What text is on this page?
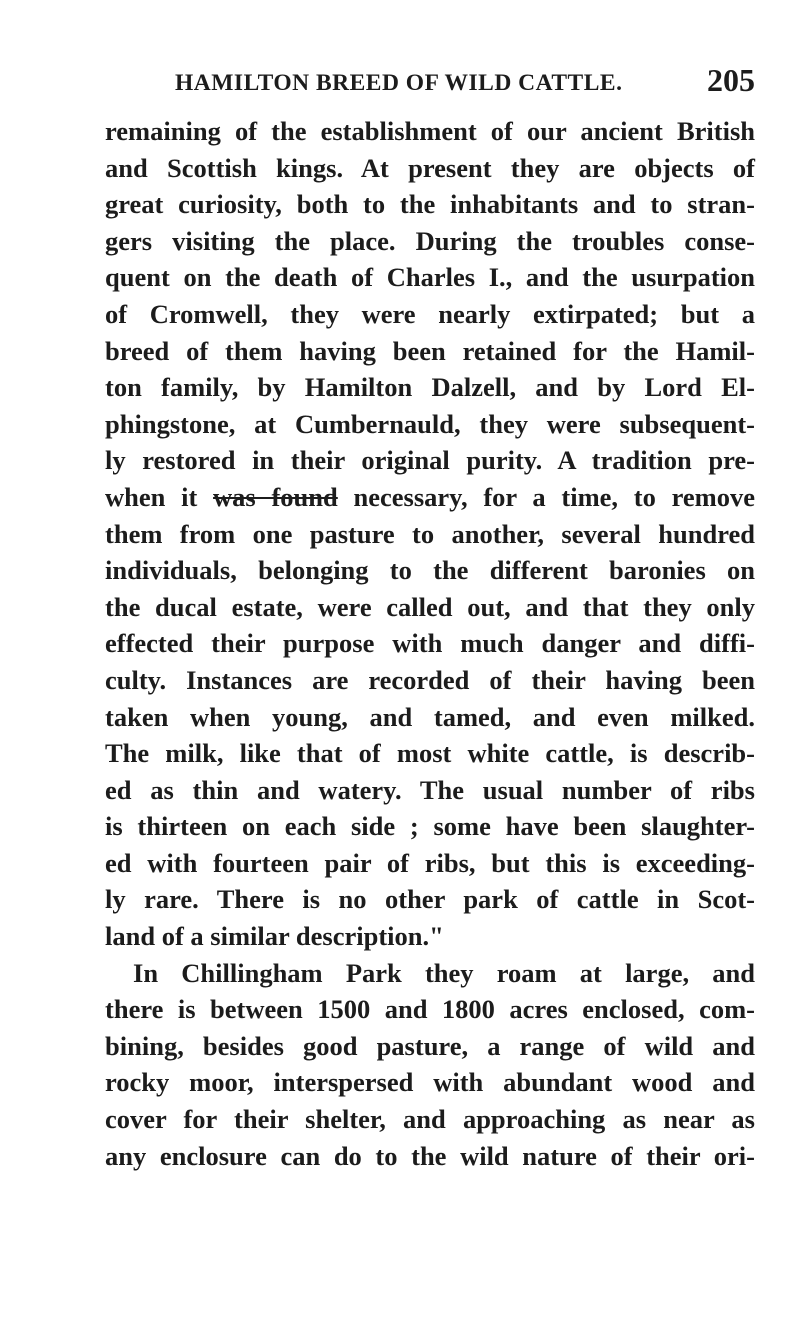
HAMILTON BREED OF WILD CATTLE.	205
remaining of the establishment of our ancient British
and Scottish kings. At present they are objects of
great curiosity, both to the inhabitants and to stran-
gers visiting the place. During the troubles conse-
quent on the death of Charles I., and the usurpation
of Cromwell, they were nearly extirpated; but a
breed of them having been retained for the Hamil-
ton family, by Hamilton Dalzell, and by Lord El-
phingstone, at Cumbernauld, they were subsequent-
ly restored in their original purity. A tradition pre-
when it was found necessary, for a time, to remove
them from one pasture to another, several hundred
individuals, belonging to the different baronies on
the ducal estate, were called out, and that they only
effected their purpose with much danger and diffi-
culty. Instances are recorded of their having been
taken when young, and tamed, and even milked.
The milk, like that of most white cattle, is describ-
ed as thin and watery. The usual number of ribs
is thirteen on each side ; some have been slaughter-
ed with fourteen pair of ribs, but this is exceeding-
ly rare. There is no other park of cattle in Scot-
land of a similar description."
In Chillingham Park they roam at large, and
there is between 1500 and 1800 acres enclosed, com-
bining, besides good pasture, a range of wild and
rocky moor, interspersed with abundant wood and
cover for their shelter, and approaching as near as
any enclosure can do to the wild nature of their ori-
